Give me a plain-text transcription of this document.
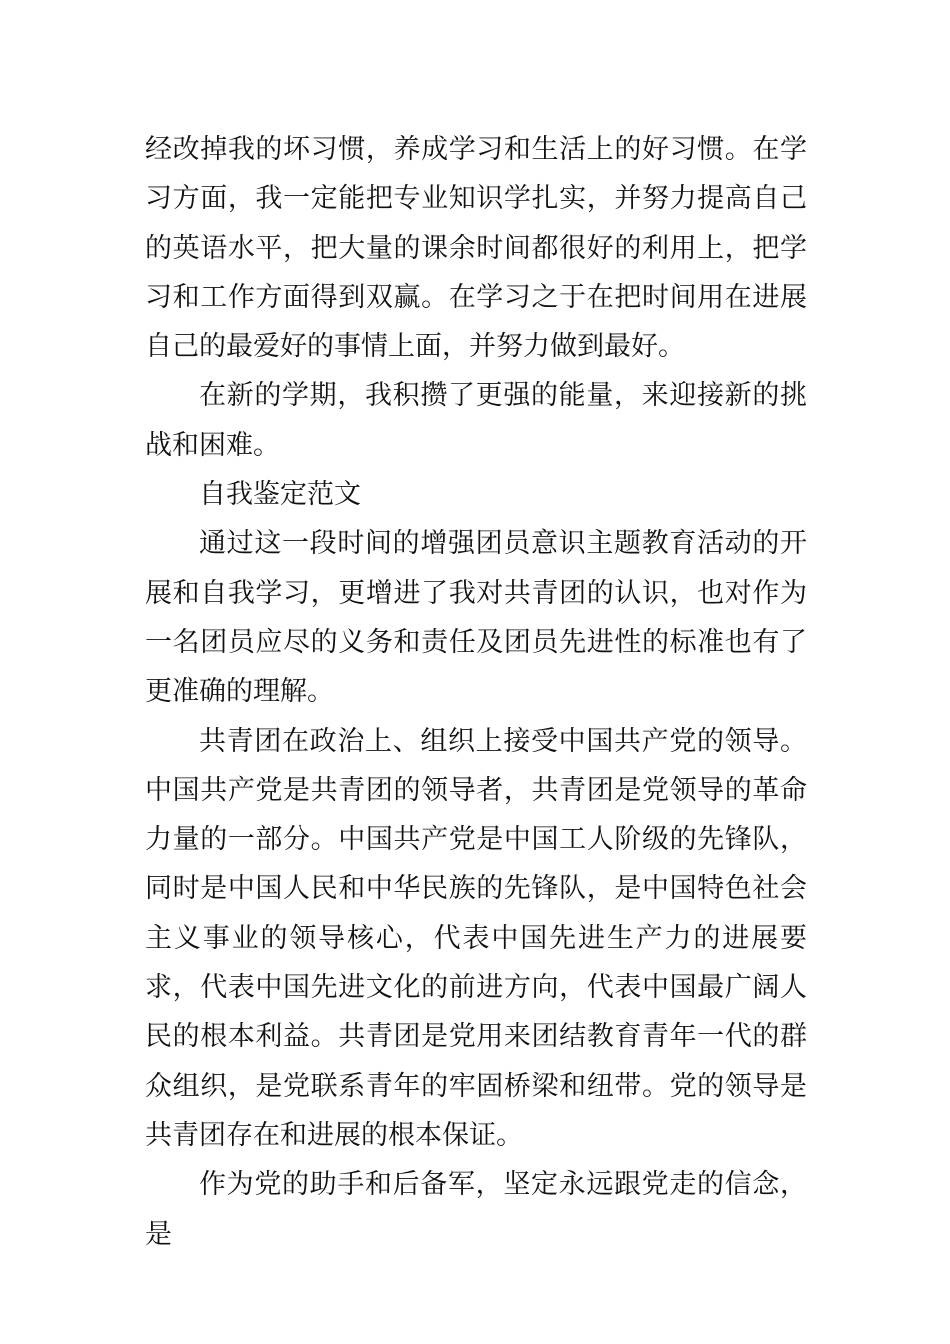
经改掉我的坏习惯，养成学习和生活上的好习惯。在学习方面，我一定能把专业知识学扎实，并努力提高自己的英语水平，把大量的课余时间都很好的利用上，把学习和工作方面得到双赢。在学习之于在把时间用在进展自己的最爱好的事情上面，并努力做到最好。

在新的学期，我积攒了更强的能量，来迎接新的挑战和困难。

自我鉴定范文

通过这一段时间的增强团员意识主题教育活动的开展和自我学习，更增进了我对共青团的认识，也对作为一名团员应尽的义务和责任及团员先进性的标准也有了更准确的理解。

共青团在政治上、组织上接受中国共产党的领导。中国共产党是共青团的领导者，共青团是党领导的革命力量的一部分。中国共产党是中国工人阶级的先锋队，同时是中国人民和中华民族的先锋队，是中国特色社会主义事业的领导核心，代表中国先进生产力的进展要求，代表中国先进文化的前进方向，代表中国最广阔人民的根本利益。共青团是党用来团结教育青年一代的群众组织，是党联系青年的牢固桥梁和纽带。党的领导是共青团存在和进展的根本保证。

作为党的助手和后备军，坚定永远跟党走的信念，是
